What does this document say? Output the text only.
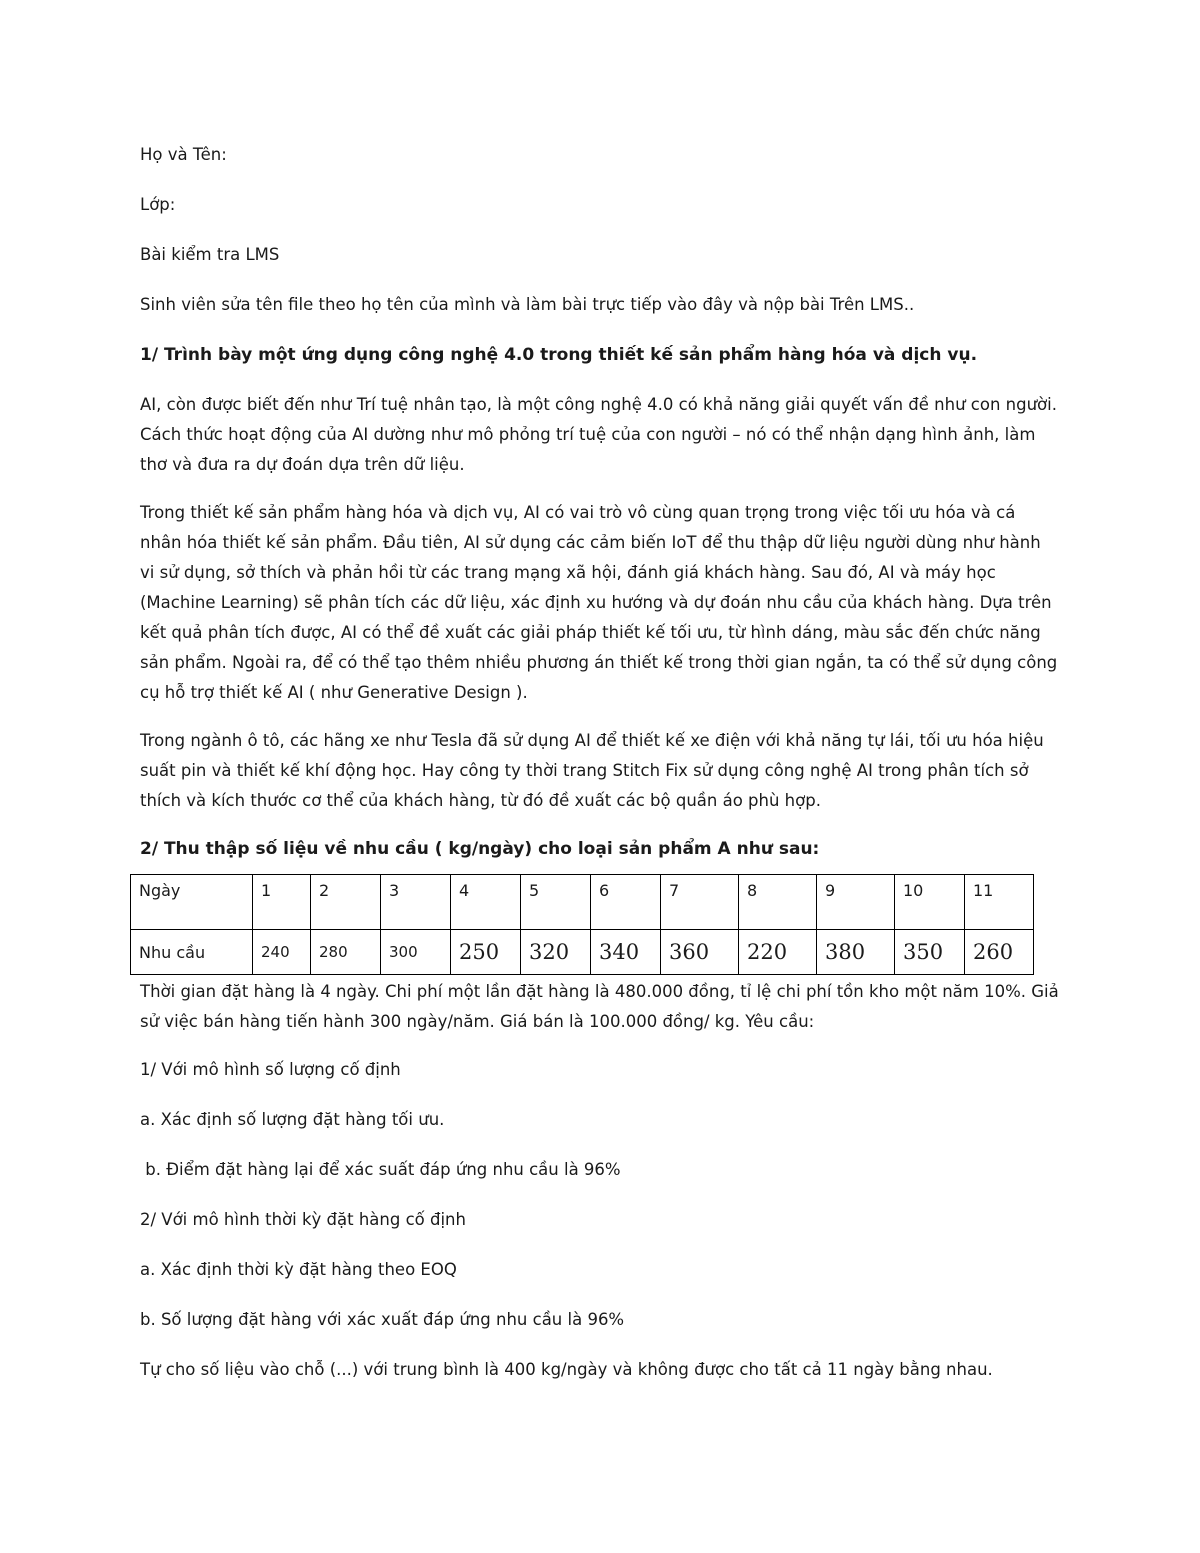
Họ và Tên:

Lớp:

Bài kiểm tra LMS

Sinh viên sửa tên file theo họ tên của mình và làm bài trực tiếp vào đây và nộp bài Trên LMS..

1/ Trình bày một ứng dụng công nghệ 4.0 trong thiết kế sản phẩm hàng hóa và dịch vụ.

AI, còn được biết đến như Trí tuệ nhân tạo, là một công nghệ 4.0 có khả năng giải quyết vấn đề như con người. Cách thức hoạt động của AI dường như mô phỏng trí tuệ của con người – nó có thể nhận dạng hình ảnh, làm thơ và đưa ra dự đoán dựa trên dữ liệu.

Trong thiết kế sản phẩm hàng hóa và dịch vụ, AI có vai trò vô cùng quan trọng trong việc tối ưu hóa và cá nhân hóa thiết kế sản phẩm. Đầu tiên, AI sử dụng các cảm biến IoT để thu thập dữ liệu người dùng như hành vi sử dụng, sở thích và phản hồi từ các trang mạng xã hội, đánh giá khách hàng. Sau đó, AI và máy học (Machine Learning) sẽ phân tích các dữ liệu, xác định xu hướng và dự đoán nhu cầu của khách hàng. Dựa trên kết quả phân tích được, AI có thể đề xuất các giải pháp thiết kế tối ưu, từ hình dáng, màu sắc đến chức năng sản phẩm. Ngoài ra, để có thể tạo thêm nhiều phương án thiết kế trong thời gian ngắn, ta có thể sử dụng công cụ hỗ trợ thiết kế AI ( như Generative Design ).

Trong ngành ô tô, các hãng xe như Tesla đã sử dụng AI để thiết kế xe điện với khả năng tự lái, tối ưu hóa hiệu suất pin và thiết kế khí động học. Hay công ty thời trang Stitch Fix sử dụng công nghệ AI trong phân tích sở thích và kích thước cơ thể của khách hàng, từ đó đề xuất các bộ quần áo phù hợp.

2/ Thu thập số liệu về nhu cầu ( kg/ngày) cho loại sản phẩm A như sau:

Ngày	1	2	3	4	5	6	7	8	9	10	11
Nhu cầu	240	280	300	250	320	340	360	220	380	350	260

Thời gian đặt hàng là 4 ngày. Chi phí một lần đặt hàng là 480.000 đồng, tỉ lệ chi phí tồn kho một năm 10%. Giả sử việc bán hàng tiến hành 300 ngày/năm. Giá bán là 100.000 đồng/ kg. Yêu cầu:

1/ Với mô hình số lượng cố định

a. Xác định số lượng đặt hàng tối ưu.

b. Điểm đặt hàng lại để xác suất đáp ứng nhu cầu là 96%

2/ Với mô hình thời kỳ đặt hàng cố định

a. Xác định thời kỳ đặt hàng theo EOQ

b. Số lượng đặt hàng với xác xuất đáp ứng nhu cầu là 96%

Tự cho số liệu vào chỗ (...) với trung bình là 400 kg/ngày và không được cho tất cả 11 ngày bằng nhau.
